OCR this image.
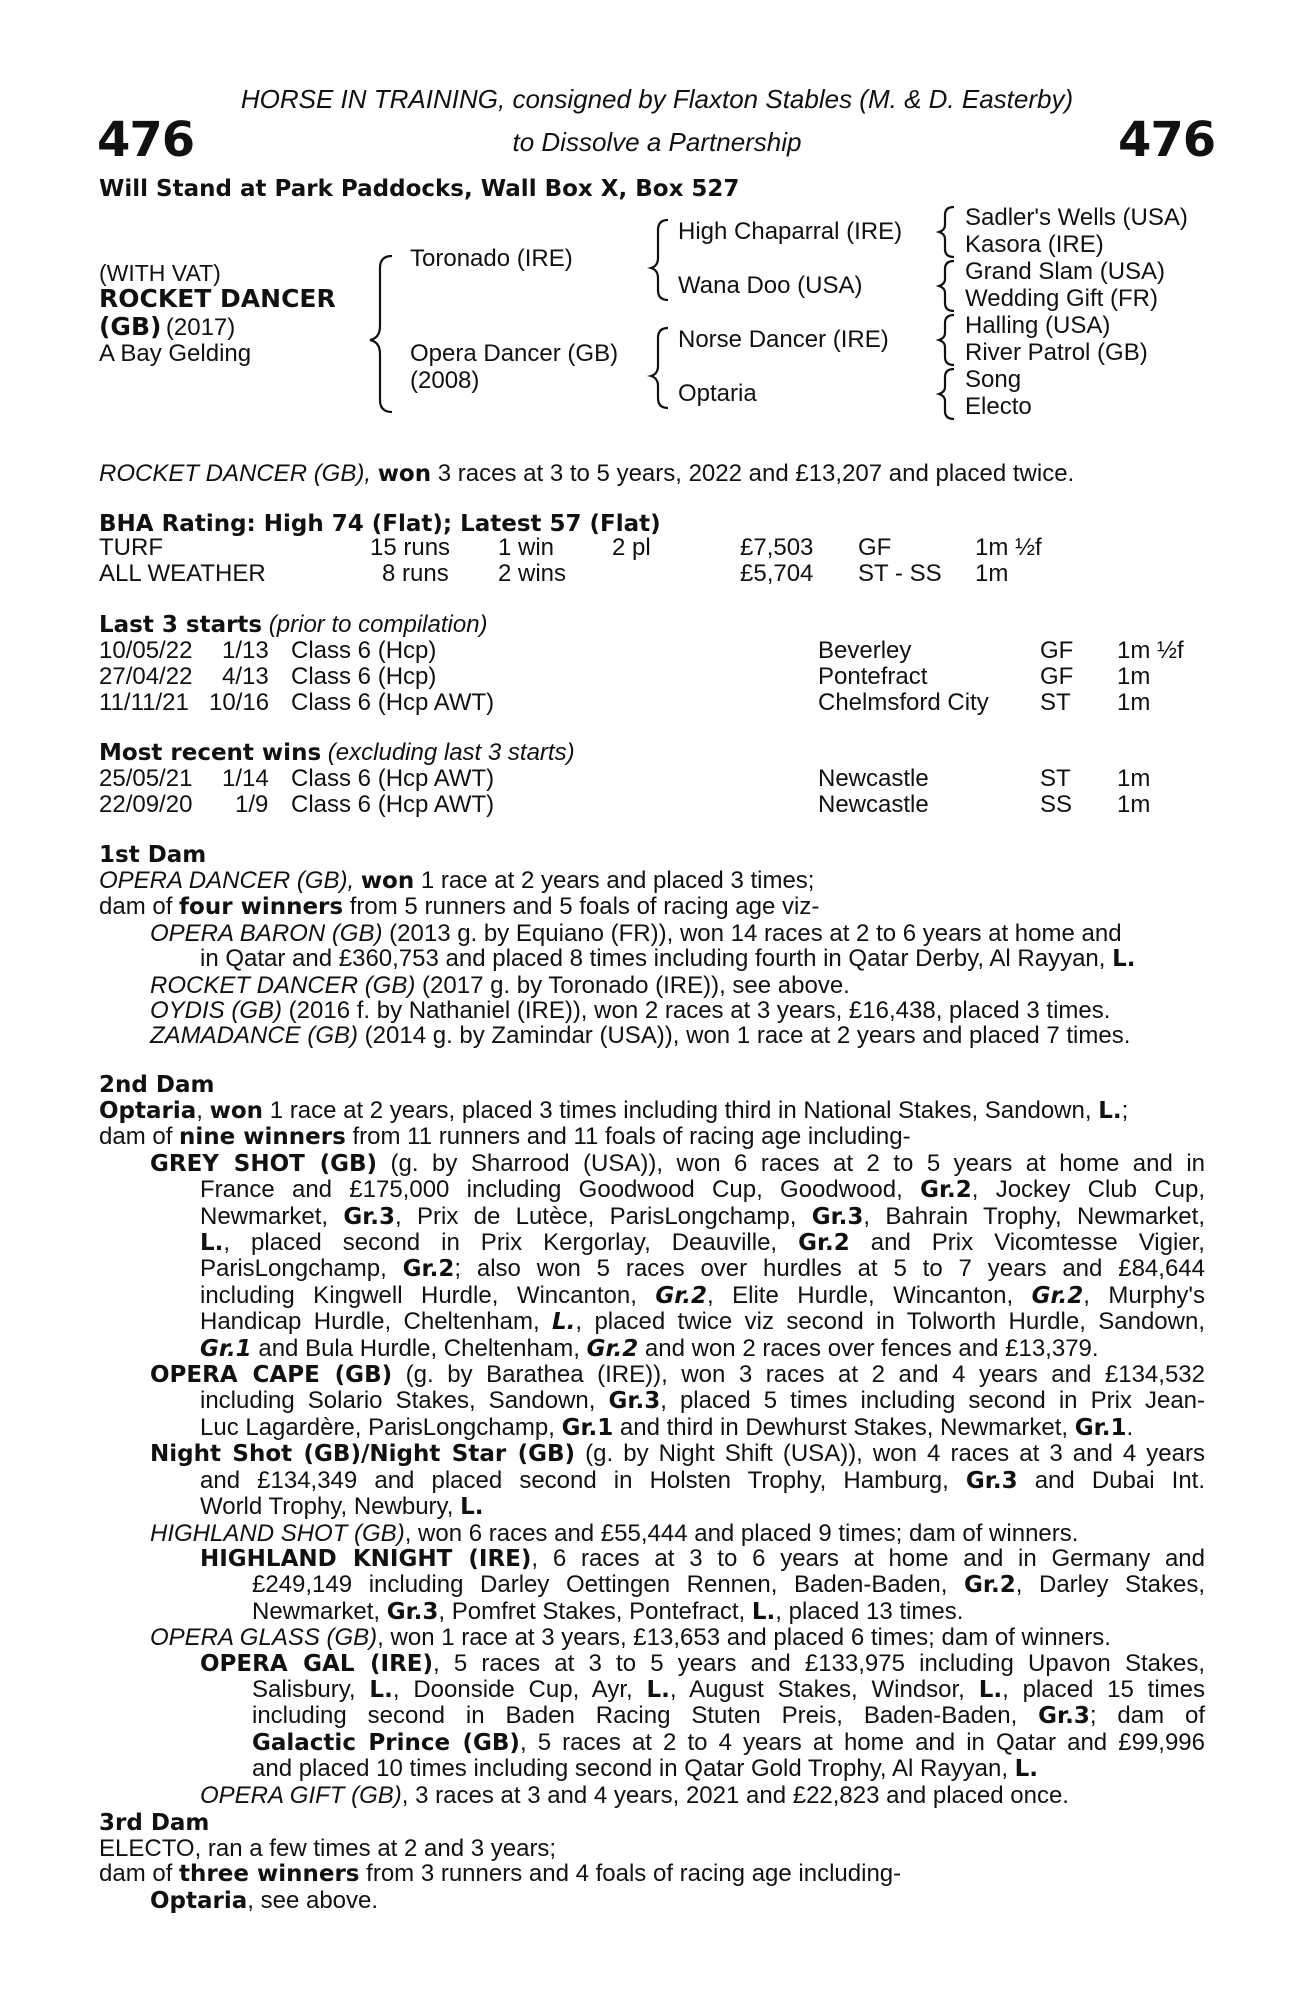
HORSE IN TRAINING, consigned by Flaxton Stables (M. & D. Easterby)
to Dissolve a Partnership
476	476
Will Stand at Park Paddocks, Wall Box X, Box 527
(WITH VAT)
ROCKET DANCER
(GB) (2017)
A Bay Gelding
Toronado (IRE)
Opera Dancer (GB)
(2008)
High Chaparral (IRE)
Wana Doo (USA)
Norse Dancer (IRE)
Optaria
Sadler's Wells (USA)
Kasora (IRE)
Grand Slam (USA)
Wedding Gift (FR)
Halling (USA)
River Patrol (GB)
Song
Electo
ROCKET DANCER (GB), won 3 races at 3 to 5 years, 2022 and £13,207 and placed twice.
BHA Rating: High 74 (Flat); Latest 57 (Flat)
TURF	15 runs 1 win 2 pl	£7,503 GF	1m ½f
ALL WEATHER	8 runs 2 wins	£5,704 ST - SS 1m
Last 3 starts (prior to compilation)
10/05/22 1/13 Class 6 (Hcp)	Beverley	GF 1m ½f
27/04/22 4/13 Class 6 (Hcp)	Pontefract	GF 1m
11/11/21 10/16 Class 6 (Hcp AWT)	Chelmsford City ST 1m
Most recent wins (excluding last 3 starts)
25/05/21 1/14 Class 6 (Hcp AWT)	Newcastle	ST 1m
22/09/20 1/9 Class 6 (Hcp AWT)	Newcastle	SS 1m
1st Dam

OPERA DANCER (GB), won 1 race at 2 years and placed 3 times;

dam of four winners from 5 runners and 5 foals of racing age viz-

OPERA BARON (GB) (2013 g. by Equiano (FR)), won 14 races at 2 to 6 years at home and

in Qatar and £360,753 and placed 8 times including fourth in Qatar Derby, Al Rayyan, L.

ROCKET DANCER (GB) (2017 g. by Toronado (IRE)), see above.

OYDIS (GB) (2016 f. by Nathaniel (IRE)), won 2 races at 3 years, £16,438, placed 3 times.

ZAMADANCE (GB) (2014 g. by Zamindar (USA)), won 1 race at 2 years and placed 7 times.

2nd Dam

Optaria, won 1 race at 2 years, placed 3 times including third in National Stakes, Sandown, L.;

dam of nine winners from 11 runners and 11 foals of racing age including-

GREY SHOT (GB) (g. by Sharrood (USA)), won 6 races at 2 to 5 years at home and in

France and £175,000 including Goodwood Cup, Goodwood, Gr.2, Jockey Club Cup,

Newmarket, Gr.3, Prix de Lutèce, ParisLongchamp, Gr.3, Bahrain Trophy, Newmarket,

L., placed second in Prix Kergorlay, Deauville, Gr.2 and Prix Vicomtesse Vigier,

ParisLongchamp, Gr.2; also won 5 races over hurdles at 5 to 7 years and £84,644

including Kingwell Hurdle, Wincanton, Gr.2, Elite Hurdle, Wincanton, Gr.2, Murphy's

Handicap Hurdle, Cheltenham, L., placed twice viz second in Tolworth Hurdle, Sandown,

Gr.1 and Bula Hurdle, Cheltenham, Gr.2 and won 2 races over fences and £13,379.

OPERA CAPE (GB) (g. by Barathea (IRE)), won 3 races at 2 and 4 years and £134,532

including Solario Stakes, Sandown, Gr.3, placed 5 times including second in Prix Jean-

Luc Lagardère, ParisLongchamp, Gr.1 and third in Dewhurst Stakes, Newmarket, Gr.1.

Night Shot (GB)/Night Star (GB) (g. by Night Shift (USA)), won 4 races at 3 and 4 years

and £134,349 and placed second in Holsten Trophy, Hamburg, Gr.3 and Dubai Int.

World Trophy, Newbury, L.

HIGHLAND SHOT (GB), won 6 races and £55,444 and placed 9 times; dam of winners.

HIGHLAND KNIGHT (IRE), 6 races at 3 to 6 years at home and in Germany and

£249,149 including Darley Oettingen Rennen, Baden-Baden, Gr.2, Darley Stakes,

Newmarket, Gr.3, Pomfret Stakes, Pontefract, L., placed 13 times.

OPERA GLASS (GB), won 1 race at 3 years, £13,653 and placed 6 times; dam of winners.

OPERA GAL (IRE), 5 races at 3 to 5 years and £133,975 including Upavon Stakes,

Salisbury, L., Doonside Cup, Ayr, L., August Stakes, Windsor, L., placed 15 times

including second in Baden Racing Stuten Preis, Baden-Baden, Gr.3; dam of

Galactic Prince (GB), 5 races at 2 to 4 years at home and in Qatar and £99,996

and placed 10 times including second in Qatar Gold Trophy, Al Rayyan, L.

OPERA GIFT (GB), 3 races at 3 and 4 years, 2021 and £22,823 and placed once.

3rd Dam

ELECTO, ran a few times at 2 and 3 years;

dam of three winners from 3 runners and 4 foals of racing age including-

Optaria, see above.
